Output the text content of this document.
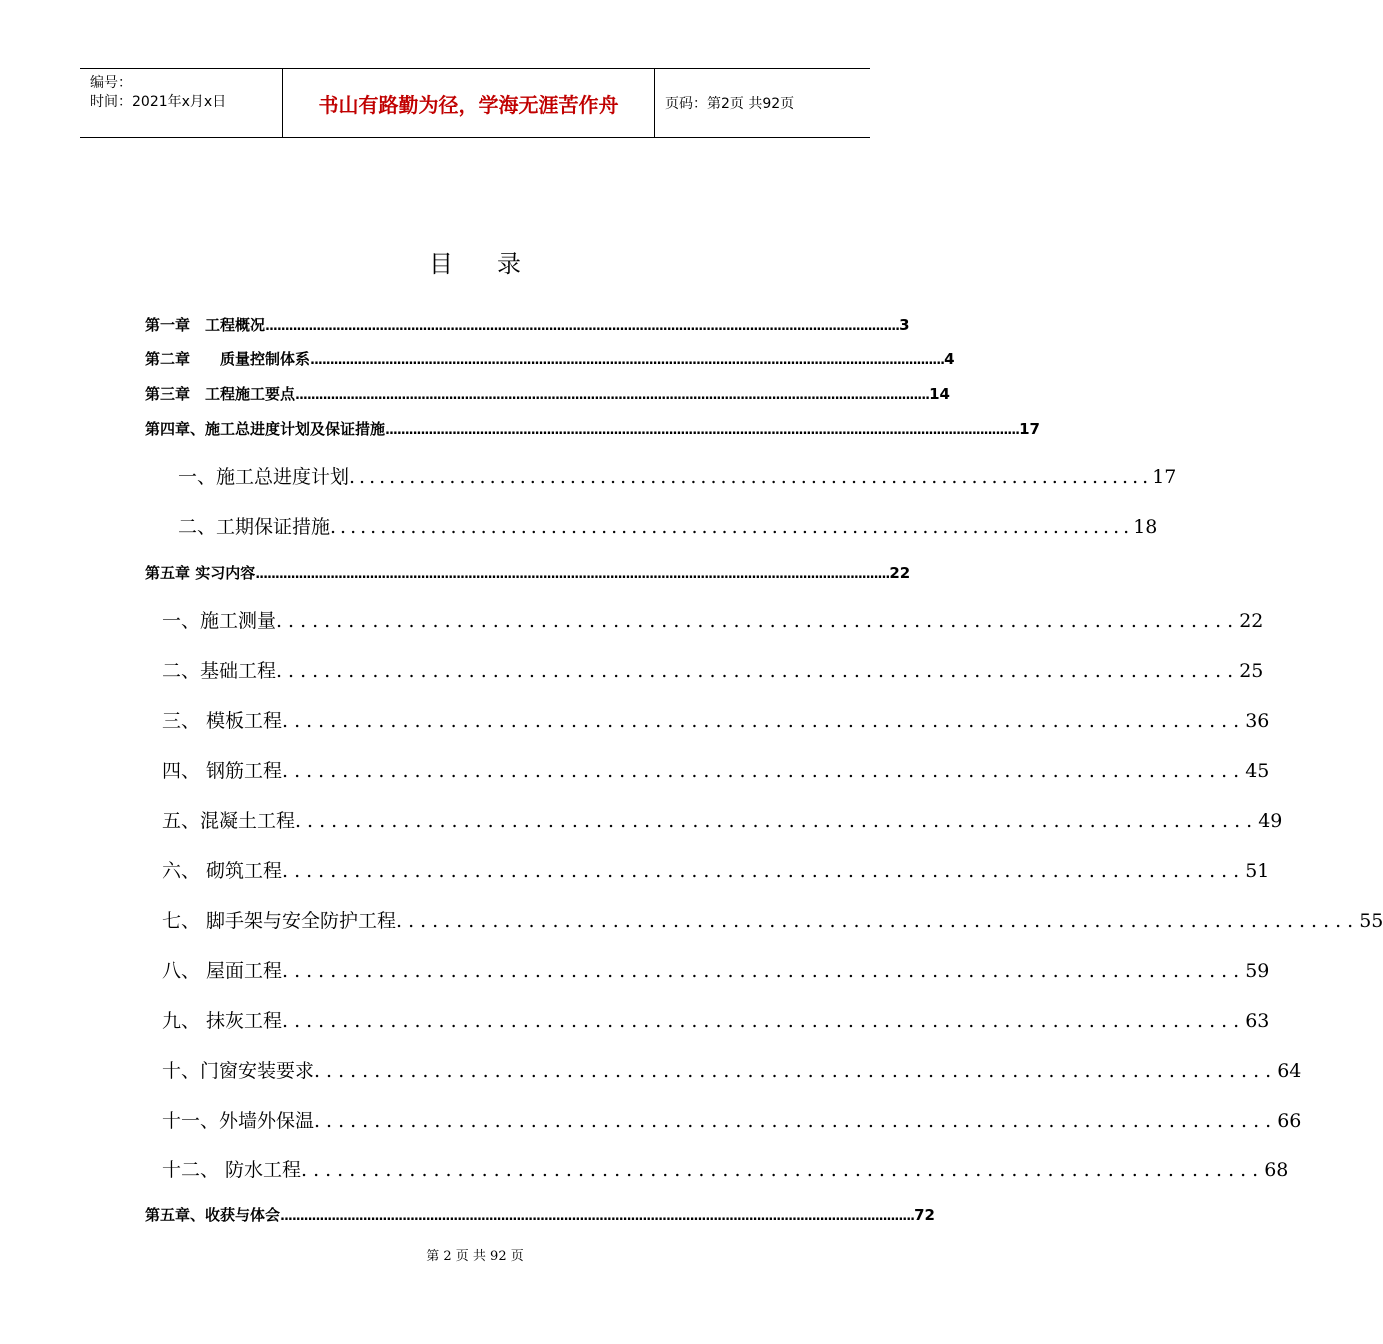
编号：
时间：2021年x月x日	书山有路勤为径，学海无涯苦作舟	页码：第2页 共92页
目 录
第一章　工程概况 ................................................................................................................................................................. 3
第二章　　质量控制体系 ................................................................................................................................................................. 4
第三章　工程施工要点 ................................................................................................................................................................. 14
第四章、施工总进度计划及保证措施 ................................................................................................................................................................. 17
一、施工总进度计划 ................................................................................ 17
二、工期保证措施 ................................................................................ 18
第五章 实习内容 ................................................................................................................................................................. 22
一、施工测量 ................................................................................ 22
二、基础工程 ................................................................................ 25
三、 模板工程 ................................................................................ 36
四、 钢筋工程 ................................................................................ 45
五、混凝土工程 ................................................................................ 49
六、 砌筑工程 ................................................................................ 51
七、 脚手架与安全防护工程 ................................................................................ 55
八、 屋面工程 ................................................................................ 59
九、 抹灰工程 ................................................................................ 63
十、门窗安装要求 ................................................................................ 64
十一、外墙外保温 ................................................................................ 66
十二、 防水工程 ................................................................................ 68
第五章、收获与体会 ................................................................................................................................................................. 72
第 2 页 共 92 页
